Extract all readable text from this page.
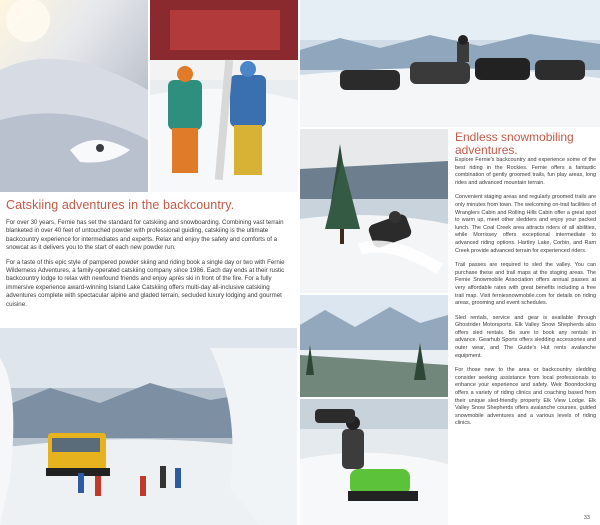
Catskiing adventures in the backcountry.

For over 30 years, Fernie has set the standard for catskiing and snowboarding. Combining vast terrain blanketed in over 40 feet of untouched powder with professional guiding, catskiing is the ultimate backcountry experience for intermediates and experts. Relax and enjoy the safety and comforts of a snowcat as it delivers you to the start of each new powder run.

For a taste of this epic style of pampered powder skiing and riding book a single day or two with Fernie Wilderness Adventures, a family-operated catskiing company since 1986. Each day ends at their rustic backcountry lodge to relax with newfound friends and enjoy après ski in front of the fire. For a fully immersive experience award-winning Island Lake Catskiing offers multi-day all-inclusive catskiing adventures complete with spectacular alpine and gladed terrain, secluded luxury lodging and gourmet cuisine.

Endless snowmobiling adventures.

Explore Fernie's backcountry and experience some of the best riding in the Rockies. Fernie offers a fantastic combination of gently groomed trails, fun play areas, long rides and advanced mountain terrain.

Convenient staging areas and regularly groomed trails are only minutes from town. The welcoming on-trail facilities of Wranglers Cabin and Rolling Hills Cabin offer a great spot to warm up, meet other sledders and enjoy your packed lunch. The Coal Creek area attracts riders of all abilities, while Morrissey offers exceptional intermediate to advanced riding options. Hartley Lake, Corbin, and Ram Creek provide advanced terrain for experienced riders.

Trail passes are required to sled the valley. You can purchase these and trail maps at the staging areas. The Fernie Snowmobile Association offers annual passes at very affordable rates with great benefits including a free trail map. Visit ferniesnowmobile.com for details on riding areas, grooming and event schedules.

Sled rentals, service and gear is available through Ghostrider Motorsports. Elk Valley Snow Shepherds also offers sled rentals. Be sure to book any rentals in advance. Gearhub Sports offers sledding accessories and outer wear, and The Guide's Hut rents avalanche equipment.

For those new to the area or backcountry sledding consider seeking assistance from local professionals to enhance your experience and safety. Weir Boondocking offers a variety of riding clinics and coaching based from their unique sled-friendly property Elk View Lodge. Elk Valley Snow Shepherds offers avalanche courses, guided snowmobile adventures and a various levels of riding clinics.

33
